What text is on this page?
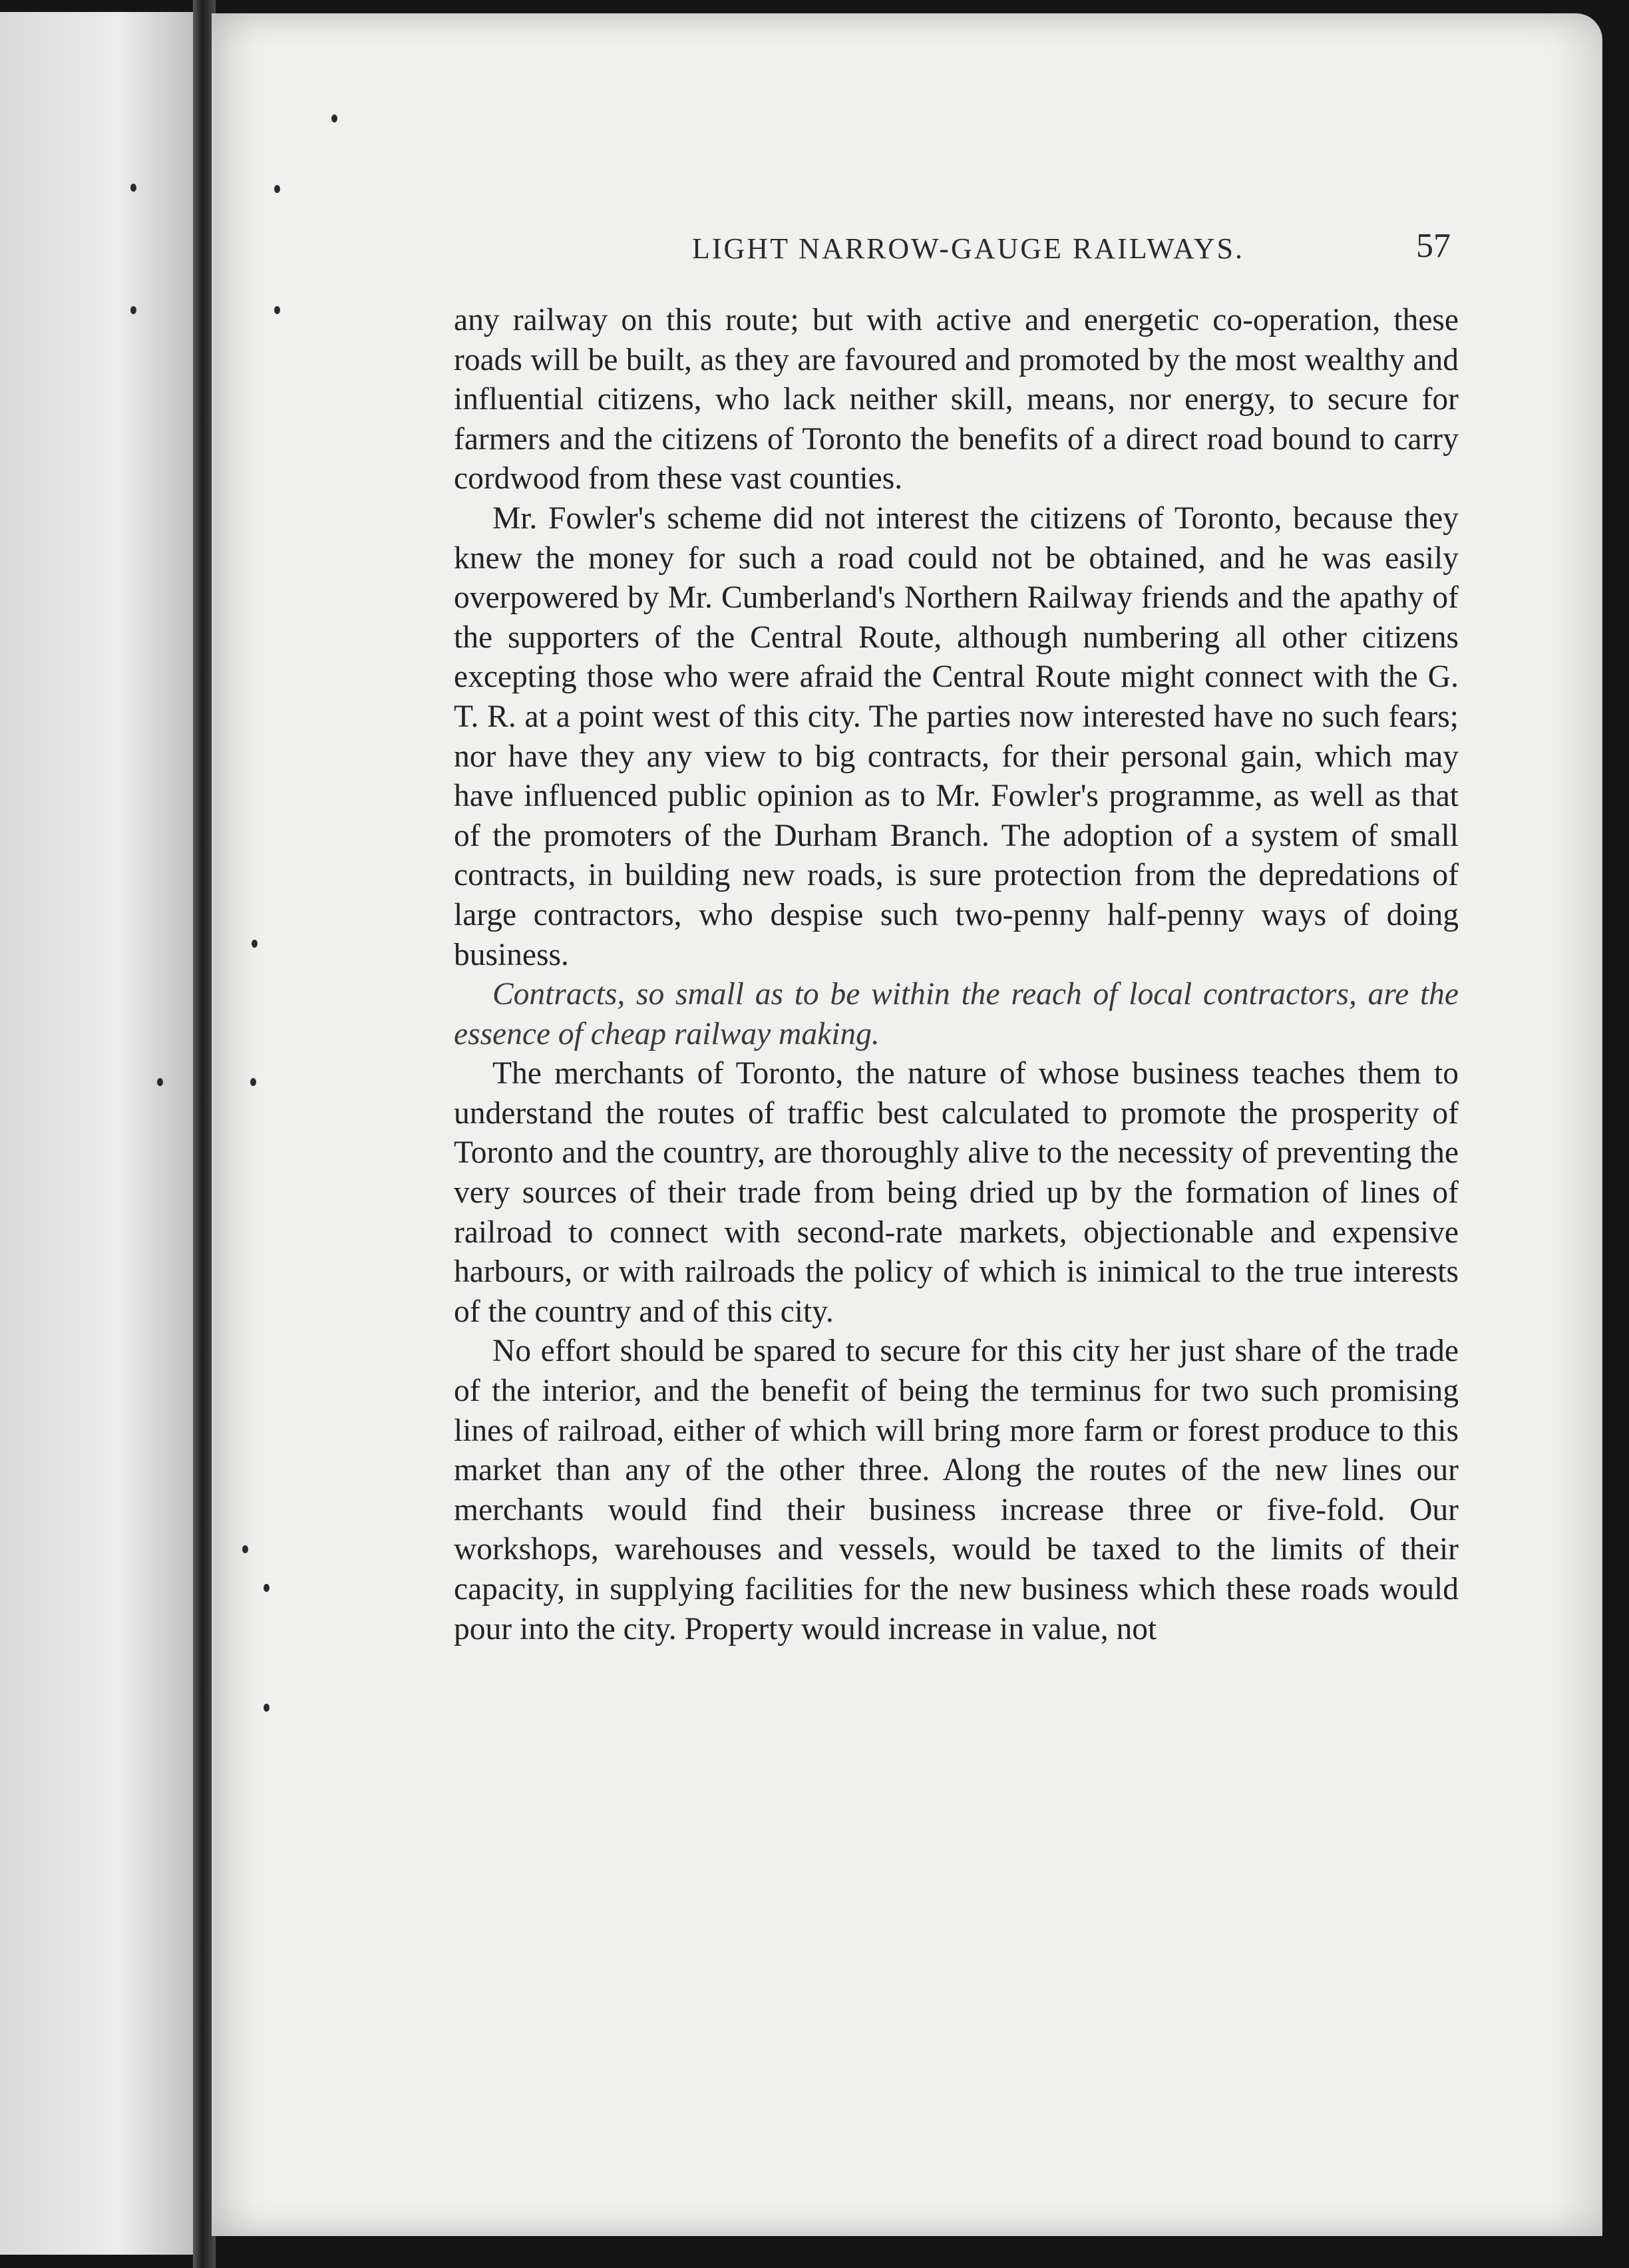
LIGHT NARROW-GAUGE RAILWAYS.	57

any railway on this route; but with active and energetic co-operation, these roads will be built, as they are favoured and promoted by the most wealthy and influential citizens, who lack neither skill, means, nor energy, to secure for farmers and the citizens of Toronto the benefits of a direct road bound to carry cordwood from these vast counties.

Mr. Fowler's scheme did not interest the citizens of Toronto, because they knew the money for such a road could not be obtained, and he was easily overpowered by Mr. Cumberland's Northern Railway friends and the apathy of the supporters of the Central Route, although numbering all other citizens excepting those who were afraid the Central Route might connect with the G. T. R. at a point west of this city. The parties now interested have no such fears; nor have they any view to big contracts, for their personal gain, which may have influenced public opinion as to Mr. Fowler's programme, as well as that of the promoters of the Durham Branch. The adoption of a system of small contracts, in building new roads, is sure protection from the depredations of large contractors, who despise such two-penny half-penny ways of doing business.

Contracts, so small as to be within the reach of local contractors, are the essence of cheap railway making.

The merchants of Toronto, the nature of whose business teaches them to understand the routes of traffic best calculated to promote the prosperity of Toronto and the country, are thoroughly alive to the necessity of preventing the very sources of their trade from being dried up by the formation of lines of railroad to connect with second-rate markets, objectionable and expensive harbours, or with railroads the policy of which is inimical to the true interests of the country and of this city.

No effort should be spared to secure for this city her just share of the trade of the interior, and the benefit of being the terminus for two such promising lines of railroad, either of which will bring more farm or forest produce to this market than any of the other three. Along the routes of the new lines our merchants would find their business increase three or five-fold. Our workshops, warehouses and vessels, would be taxed to the limits of their capacity, in supplying facilities for the new business which these roads would pour into the city. Property would increase in value, not
